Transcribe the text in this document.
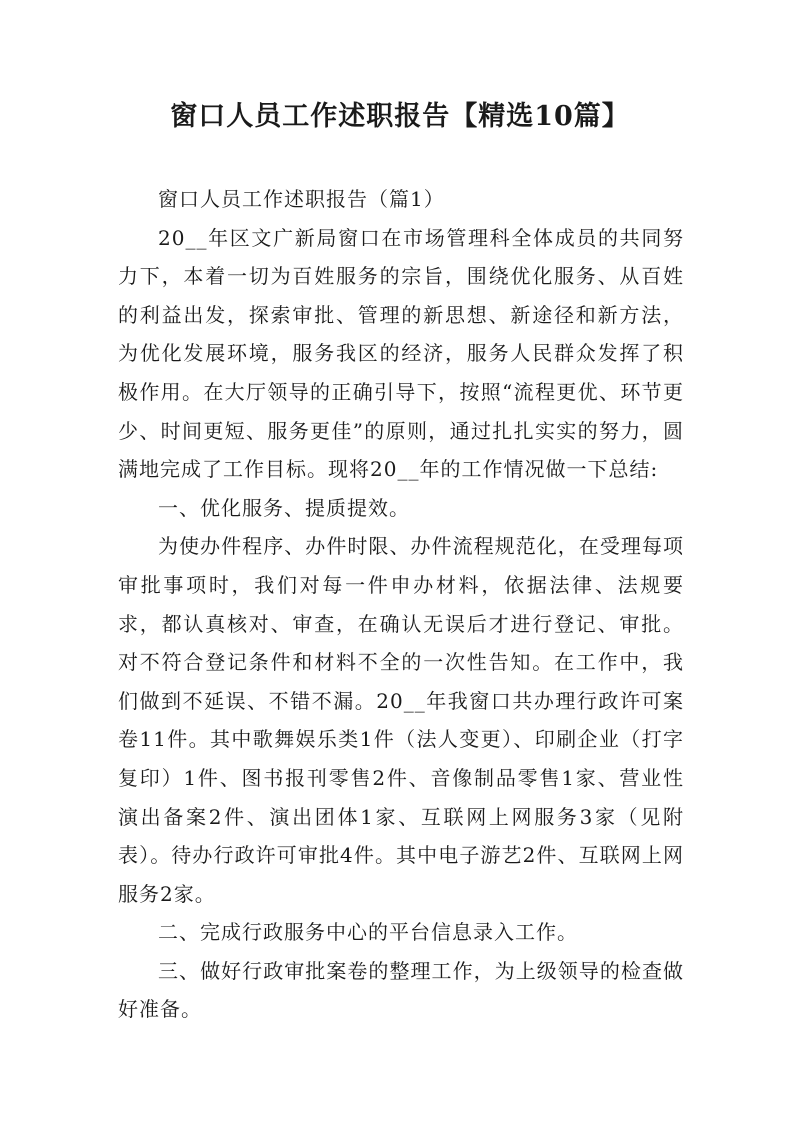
窗口人员工作述职报告【精选10篇】

窗口人员工作述职报告（篇1）

20__年区文广新局窗口在市场管理科全体成员的共同努力下，本着一切为百姓服务的宗旨，围绕优化服务、从百姓的利益出发，探索审批、管理的新思想、新途径和新方法，为优化发展环境，服务我区的经济，服务人民群众发挥了积极作用。在大厅领导的正确引导下，按照“流程更优、环节更少、时间更短、服务更佳”的原则，通过扎扎实实的努力，圆满地完成了工作目标。现将20__年的工作情况做一下总结:

一、优化服务、提质提效。

为使办件程序、办件时限、办件流程规范化，在受理每项审批事项时，我们对每一件申办材料，依据法律、法规要求，都认真核对、审查，在确认无误后才进行登记、审批。对不符合登记条件和材料不全的一次性告知。在工作中，我们做到不延误、不错不漏。20__年我窗口共办理行政许可案卷11件。其中歌舞娱乐类1件（法人变更）、印刷企业（打字复印）1件、图书报刊零售2件、音像制品零售1家、营业性演出备案2件、演出团体1家、互联网上网服务3家（见附表）。待办行政许可审批4件。其中电子游艺2件、互联网上网服务2家。

二、完成行政服务中心的平台信息录入工作。

三、做好行政审批案卷的整理工作，为上级领导的检查做好准备。
